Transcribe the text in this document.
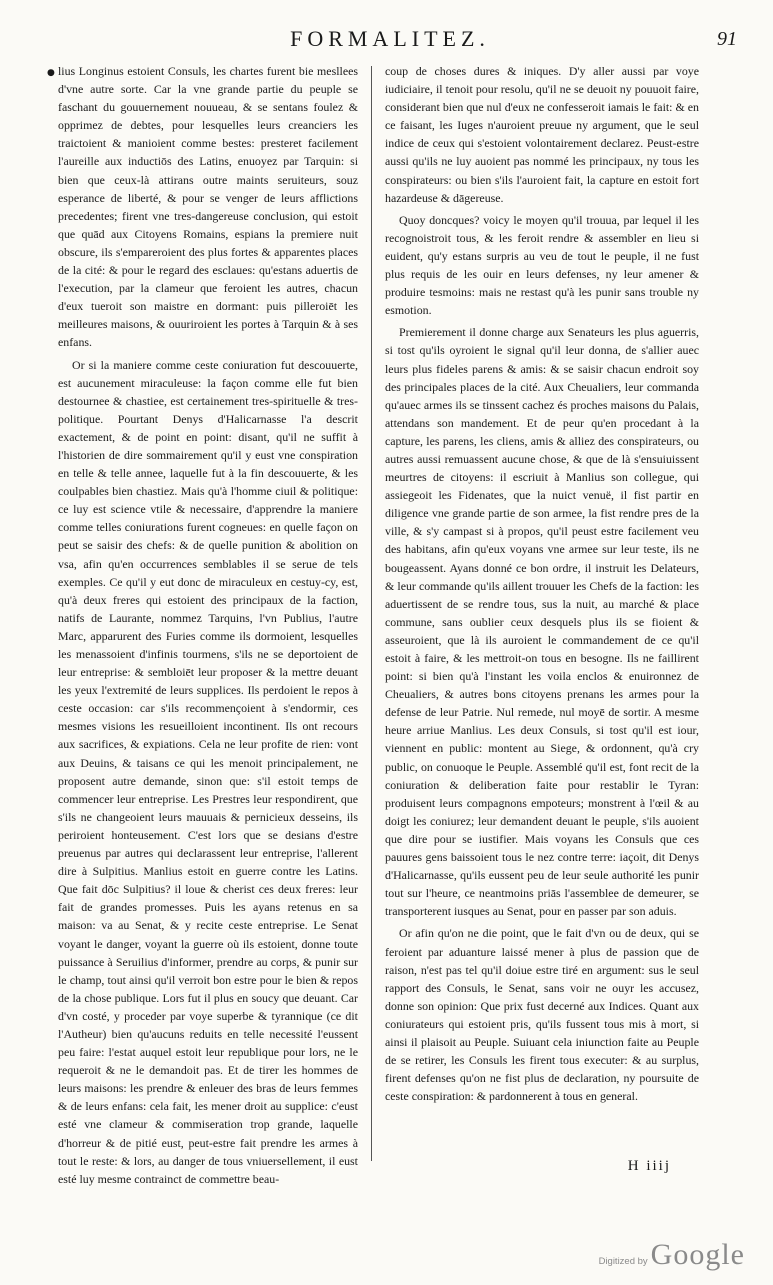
FORMALITEZ.	91
● lius Longinus estoient Consuls, les chartes furent bie mesllees d'vne autre sorte. Car la vne grande partie du peuple se faschant du gouuernement nouueau, & se sentans foulez & opprimez de debtes, pour lesquelles leurs creanciers les traictoient & manioient comme bestes: presteret facilement l'aureille aux inductiōs des Latins, enuoyez par Tarquin: si bien que ceux-là attirans outre maints seruiteurs, souz esperance de liberté, & pour se venger de leurs afflictions precedentes; firent vne tres-dangereuse conclusion, qui estoit que quād aux Citoyens Romains, espians la premiere nuit obscure, ils s'empareroient des plus fortes & apparentes places de la cité: & pour le regard des esclaues: qu'estans aduertis de l'execution, par la clameur que feroient les autres, chacun d'eux tueroit son maistre en dormant: puis pilleroiēt les meilleures maisons, & ouuriroient les portes à Tarquin & à ses enfans.

Or si la maniere comme ceste coniuration fut descouuerte, est aucunement miraculeuse: la façon comme elle fut bien destournee & chastiee, est certainement tres-spirituelle & tres-politique. Pourtant Denys d'Halicarnasse l'a descrit exactement, & de point en point: disant, qu'il ne suffit à l'historien de dire sommairement qu'il y eust vne conspiration en telle & telle annee, laquelle fut à la fin descouuerte, & les coulpables bien chastiez. Mais qu'à l'homme ciuil & politique: ce luy est science vtile & necessaire, d'apprendre la maniere comme telles coniurations furent cogneues: en quelle façon on peut se saisir des chefs: & de quelle punition & abolition on vsa, afin qu'en occurrences semblables il se serue de tels exemples. Ce qu'il y eut donc de miraculeux en cestuy-cy, est, qu'à deux freres qui estoient des principaux de la faction, natifs de Laurante, nommez Tarquins, l'vn Publius, l'autre Marc, apparurent des Furies comme ils dormoient, lesquelles les menassoient d'infinis tourmens, s'ils ne se deportoient de leur entreprise: & sembloiēt leur proposer & la mettre deuant les yeux l'extremité de leurs supplices. Ils perdoient le repos à ceste occasion: car s'ils recommençoient à s'endormir, ces mesmes visions les resueilloient incontinent. Ils ont recours aux sacrifices, & expiations. Cela ne leur profite de rien: vont aux Deuins, & taisans ce qui les menoit principalement, ne proposent autre demande, sinon que: s'il estoit temps de commencer leur entreprise. Les Prestres leur respondirent, que s'ils ne changeoient leurs mauuais & pernicieux desseins, ils periroient honteusement. C'est lors que se desians d'estre preuenus par autres qui declarassent leur entreprise, l'allerent dire à Sulpitius. Manlius estoit en guerre contre les Latins. Que fait dōc Sulpitius? il loue & cherist ces deux freres: leur fait de grandes promesses. Puis les ayans retenus en sa maison: va au Senat, & y recite ceste entreprise. Le Senat voyant le danger, voyant la guerre où ils estoient, donne toute puissance à Seruilius d'informer, prendre au corps, & punir sur le champ, tout ainsi qu'il verroit bon estre pour le bien & repos de la chose publique. Lors fut il plus en soucy que deuant. Car d'vn costé, y proceder par voye superbe & tyrannique (ce dit l'Autheur) bien qu'aucuns reduits en telle necessité l'eussent peu faire: l'estat auquel estoit leur republique pour lors, ne le requeroit & ne le demandoit pas. Et de tirer les hommes de leurs maisons: les prendre & enleuer des bras de leurs femmes & de leurs enfans: cela fait, les mener droit au supplice: c'eust esté vne clameur & commiseration trop grande, laquelle d'horreur & de pitié eust, peut-estre fait prendre les armes à tout le reste: & lors, au danger de tous vniuersellement, il eust esté luy mesme contrainct de commettre beau-

coup de choses dures & iniques. D'y aller aussi par voye iudiciaire, il tenoit pour resolu, qu'il ne se deuoit ny pouuoit faire, considerant bien que nul d'eux ne confesseroit iamais le fait: & en ce faisant, les Iuges n'auroient preuue ny argument, que le seul indice de ceux qui s'estoient volontairement declarez. Peust-estre aussi qu'ils ne luy auoient pas nommé les principaux, ny tous les conspirateurs: ou bien s'ils l'auroient fait, la capture en estoit fort hazardeuse & dāgereuse.

Quoy doncques? voicy le moyen qu'il trouua, par lequel il les recognoistroit tous, & les feroit rendre & assembler en lieu si euident, qu'y estans surpris au veu de tout le peuple, il ne fust plus requis de les ouir en leurs defenses, ny leur amener & produire tesmoins: mais ne restast qu'à les punir sans trouble ny esmotion.

Premierement il donne charge aux Senateurs les plus aguerris, si tost qu'ils oyroient le signal qu'il leur donna, de s'allier auec leurs plus fideles parens & amis: & se saisir chacun endroit soy des principales places de la cité. Aux Cheualiers, leur commanda qu'auec armes ils se tinssent cachez és proches maisons du Palais, attendans son mandement. Et de peur qu'en procedant à la capture, les parens, les cliens, amis & alliez des conspirateurs, ou autres aussi remuassent aucune chose, & que de là s'ensuiuissent meurtres de citoyens: il escriuit à Manlius son collegue, qui assiegeoit les Fidenates, que la nuict venuë, il fist partir en diligence vne grande partie de son armee, la fist rendre pres de la ville, & s'y campast si à propos, qu'il peust estre facilement veu des habitans, afin qu'eux voyans vne armee sur leur teste, ils ne bougeassent. Ayans donné ce bon ordre, il instruit les Delateurs, & leur commande qu'ils aillent trouuer les Chefs de la faction: les aduertissent de se rendre tous, sus la nuit, au marché & place commune, sans oublier ceux desquels plus ils se fioient & asseuroient, que là ils auroient le commandement de ce qu'il estoit à faire, & les mettroit-on tous en besogne. Ils ne faillirent point: si bien qu'à l'instant les voila enclos & enuironnez de Cheualiers, & autres bons citoyens prenans les armes pour la defense de leur Patrie. Nul remede, nul moyē de sortir. A mesme heure arriue Manlius. Les deux Consuls, si tost qu'il est iour, viennent en public: montent au Siege, & ordonnent, qu'à cry public, on conuoque le Peuple. Assemblé qu'il est, font recit de la coniuration & deliberation faite pour restablir le Tyran: produisent leurs compagnons empoteurs; monstrent à l'œil & au doigt les coniurez; leur demandent deuant le peuple, s'ils auoient que dire pour se iustifier. Mais voyans les Consuls que ces pauures gens baissoient tous le nez contre terre: iaçoit, dit Denys d'Halicarnasse, qu'ils eussent peu de leur seule authorité les punir tout sur l'heure, ce neantmoins priās l'assemblee de demeurer, se transporterent iusques au Senat, pour en passer par son aduis.

Or afin qu'on ne die point, que le fait d'vn ou de deux, qui se feroient par aduanture laissé mener à plus de passion que de raison, n'est pas tel qu'il doiue estre tiré en argument: sus le seul rapport des Consuls, le Senat, sans voir ne ouyr les accusez, donne son opinion: Que prix fust decerné aux Indices. Quant aux coniurateurs qui estoient pris, qu'ils fussent tous mis à mort, si ainsi il plaisoit au Peuple. Suiuant cela iniunction faite au Peuple de se retirer, les Consuls les firent tous executer: & au surplus, firent defenses qu'on ne fist plus de declaration, ny poursuite de ceste conspiration: & pardonnerent à tous en general.

H iiij
Digitized by Google
